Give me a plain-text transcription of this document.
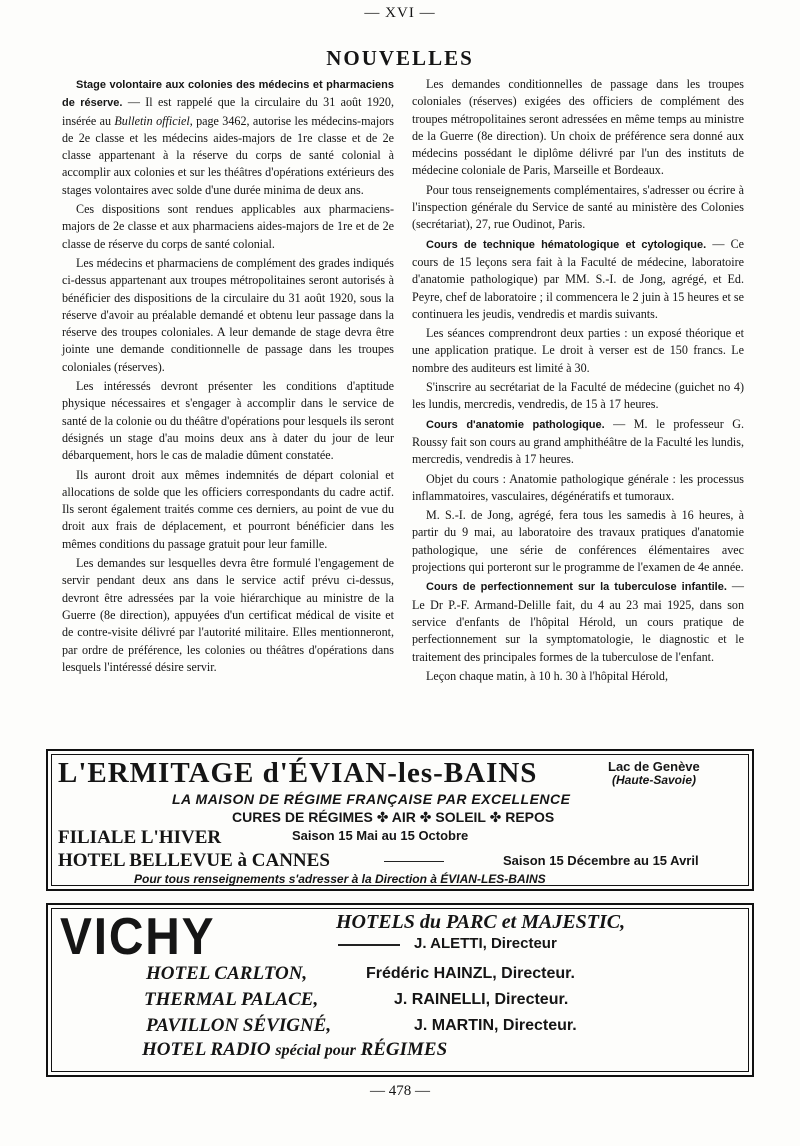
— XVI —
NOUVELLES

Stage volontaire aux colonies des médecins et pharmaciens de réserve. — Il est rappelé que la circulaire du 31 août 1920, insérée au Bulletin officiel, page 3462, autorise les médecins-majors de 2e classe et les médecins aides-majors de 1re classe et de 2e classe appartenant à la réserve du corps de santé colonial à accomplir aux colonies et sur les théâtres d'opérations extérieurs des stages volontaires avec solde d'une durée minima de deux ans.

Ces dispositions sont rendues applicables aux pharmaciens-majors de 2e classe et aux pharmaciens aides-majors de 1re et de 2e classe de réserve du corps de santé colonial.

Les médecins et pharmaciens de complément des grades indiqués ci-dessus appartenant aux troupes métropolitaines seront autorisés à bénéficier des dispositions de la circulaire du 31 août 1920, sous la réserve d'avoir au préalable demandé et obtenu leur passage dans la réserve des troupes coloniales. A leur demande de stage devra être jointe une demande conditionnelle de passage dans les troupes coloniales (réserves).

Les intéressés devront présenter les conditions d'aptitude physique nécessaires et s'engager à accomplir dans le service de santé de la colonie ou du théâtre d'opérations pour lesquels ils seront désignés un stage d'au moins deux ans à dater du jour de leur débarquement, hors le cas de maladie dûment constatée.

Ils auront droit aux mêmes indemnités de départ colonial et allocations de solde que les officiers correspondants du cadre actif. Ils seront également traités comme ces derniers, au point de vue du droit aux frais de déplacement, et pourront bénéficier dans les mêmes conditions du passage gratuit pour leur famille.

Les demandes sur lesquelles devra être formulé l'engagement de servir pendant deux ans dans le service actif prévu ci-dessus, devront être adressées par la voie hiérarchique au ministre de la Guerre (8e direction), appuyées d'un certificat médical de visite et de contre-visite délivré par l'autorité militaire. Elles mentionneront, par ordre de préférence, les colonies ou théâtres d'opérations dans lesquels l'intéressé désire servir.

Les demandes conditionnelles de passage dans les troupes coloniales (réserves) exigées des officiers de complément des troupes métropolitaines seront adressées en même temps au ministre de la Guerre (8e direction). Un choix de préférence sera donné aux médecins possédant le diplôme délivré par l'un des instituts de médecine coloniale de Paris, Marseille et Bordeaux.

Pour tous renseignements complémentaires, s'adresser ou écrire à l'inspection générale du Service de santé au ministère des Colonies (secrétariat), 27, rue Oudinot, Paris.

Cours de technique hématologique et cytologique. — Ce cours de 15 leçons sera fait à la Faculté de médecine, laboratoire d'anatomie pathologique) par MM. S.-I. de Jong, agrégé, et Ed. Peyre, chef de laboratoire ; il commencera le 2 juin à 15 heures et se continuera les jeudis, vendredis et mardis suivants.

Les séances comprendront deux parties : un exposé théorique et une application pratique. Le droit à verser est de 150 francs. Le nombre des auditeurs est limité à 30.

S'inscrire au secrétariat de la Faculté de médecine (guichet no 4) les lundis, mercredis, vendredis, de 15 à 17 heures.

Cours d'anatomie pathologique. — M. le professeur G. Roussy fait son cours au grand amphithéâtre de la Faculté les lundis, mercredis, vendredis à 17 heures.

Objet du cours : Anatomie pathologique générale : les processus inflammatoires, vasculaires, dégénératifs et tumoraux.

M. S.-I. de Jong, agrégé, fera tous les samedis à 16 heures, à partir du 9 mai, au laboratoire des travaux pratiques d'anatomie pathologique, une série de conférences élémentaires avec projections qui porteront sur le programme de l'examen de 4e année.

Cours de perfectionnement sur la tuberculose infantile. — Le Dr P.-F. Armand-Delille fait, du 4 au 23 mai 1925, dans son service d'enfants de l'hôpital Hérold, un cours pratique de perfectionnement sur la symptomatologie, le diagnostic et le traitement des principales formes de la tuberculose de l'enfant.

Leçon chaque matin, à 10 h. 30 à l'hôpital Hérold,

L'ERMITAGE d'ÉVIAN-les-BAINS	Lac de Genève
(Haute-Savoie)
LA MAISON DE RÉGIME FRANÇAISE PAR EXCELLENCE
CURES DE RÉGIMES ✤ AIR ✤ SOLEIL ✤ REPOS
FILIALE L'HIVER	Saison 15 Mai au 15 Octobre
HOTEL BELLEVUE à CANNES	Saison 15 Décembre au 15 Avril
Pour tous renseignements s'adresser à la Direction à ÉVIAN-LES-BAINS
VICHY	HOTELS du PARC et MAJESTIC,
J. ALETTI, Directeur
HOTEL CARLTON,	Frédéric HAINZL, Directeur.
THERMAL PALACE,	J. RAINELLI, Directeur.
PAVILLON SÉVIGNÉ,	J. MARTIN, Directeur.
HOTEL RADIO spécial pour RÉGIMES
— 478 —
